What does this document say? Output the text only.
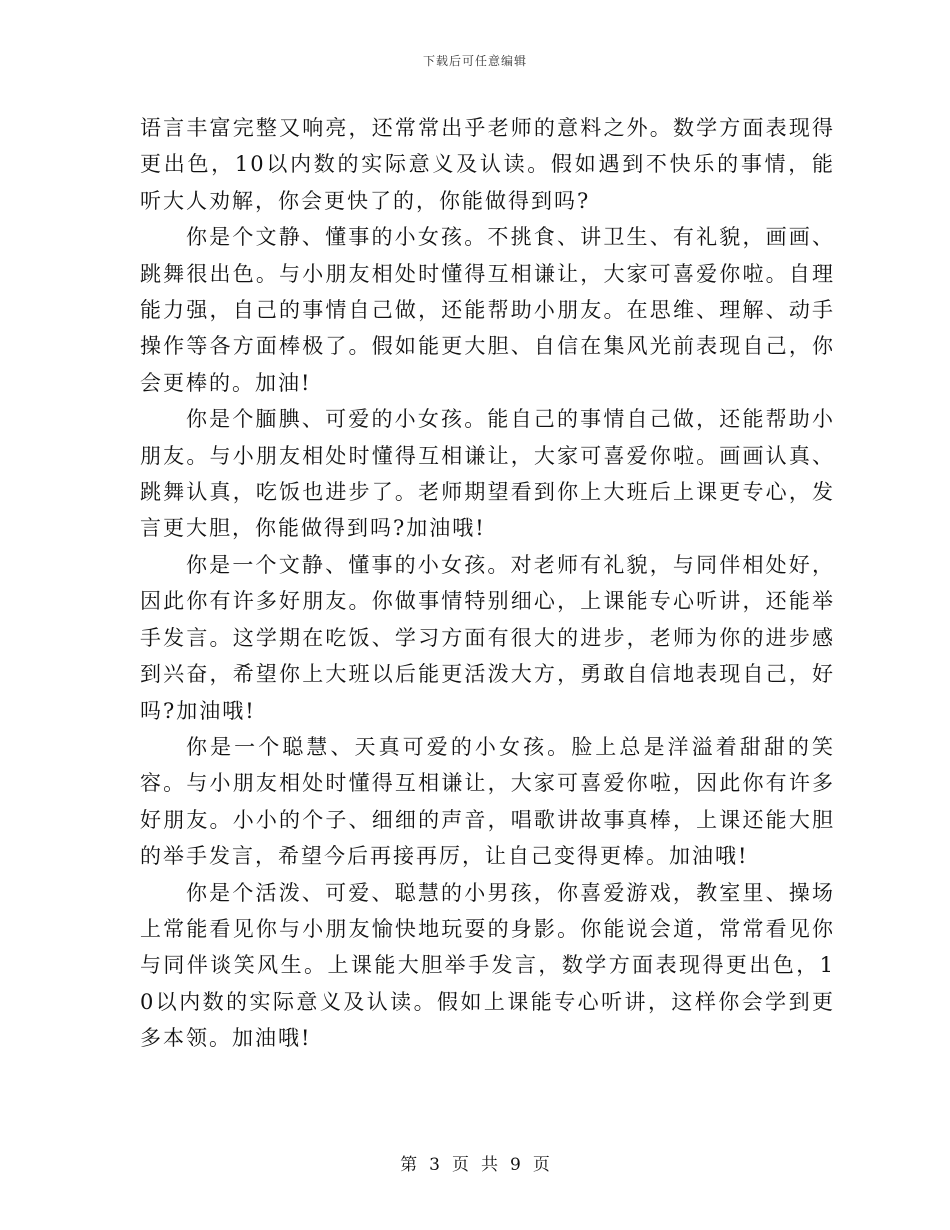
下载后可任意编辑

语言丰富完整又响亮，还常常出乎老师的意料之外。数学方面表现得更出色，10以内数的实际意义及认读。假如遇到不快乐的事情，能听大人劝解，你会更快了的，你能做得到吗?

你是个文静、懂事的小女孩。不挑食、讲卫生、有礼貌，画画、跳舞很出色。与小朋友相处时懂得互相谦让，大家可喜爱你啦。自理能力强，自己的事情自己做，还能帮助小朋友。在思维、理解、动手操作等各方面棒极了。假如能更大胆、自信在集风光前表现自己，你会更棒的。加油!

你是个腼腆、可爱的小女孩。能自己的事情自己做，还能帮助小朋友。与小朋友相处时懂得互相谦让，大家可喜爱你啦。画画认真、跳舞认真，吃饭也进步了。老师期望看到你上大班后上课更专心，发言更大胆，你能做得到吗?加油哦!

你是一个文静、懂事的小女孩。对老师有礼貌，与同伴相处好，因此你有许多好朋友。你做事情特别细心，上课能专心听讲，还能举手发言。这学期在吃饭、学习方面有很大的进步，老师为你的进步感到兴奋，希望你上大班以后能更活泼大方，勇敢自信地表现自己，好吗?加油哦!

你是一个聪慧、天真可爱的小女孩。脸上总是洋溢着甜甜的笑容。与小朋友相处时懂得互相谦让，大家可喜爱你啦，因此你有许多好朋友。小小的个子、细细的声音，唱歌讲故事真棒，上课还能大胆的举手发言，希望今后再接再厉，让自己变得更棒。加油哦!

你是个活泼、可爱、聪慧的小男孩，你喜爱游戏，教室里、操场上常能看见你与小朋友愉快地玩耍的身影。你能说会道，常常看见你与同伴谈笑风生。上课能大胆举手发言，数学方面表现得更出色，10以内数的实际意义及认读。假如上课能专心听讲，这样你会学到更多本领。加油哦!

第 3 页 共 9 页
